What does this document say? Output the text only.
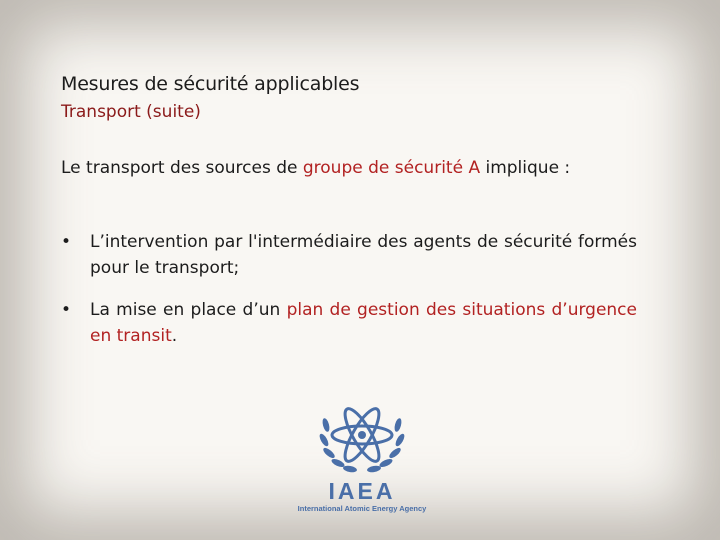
Mesures de sécurité applicables
Transport (suite)
Le transport des sources de groupe de sécurité A implique :
•	L’intervention par l'intermédiaire des agents de sécurité formés pour le transport;
•	La mise en place d’un plan de gestion des situations d’urgence en transit.
IAEA
International Atomic Energy Agency
